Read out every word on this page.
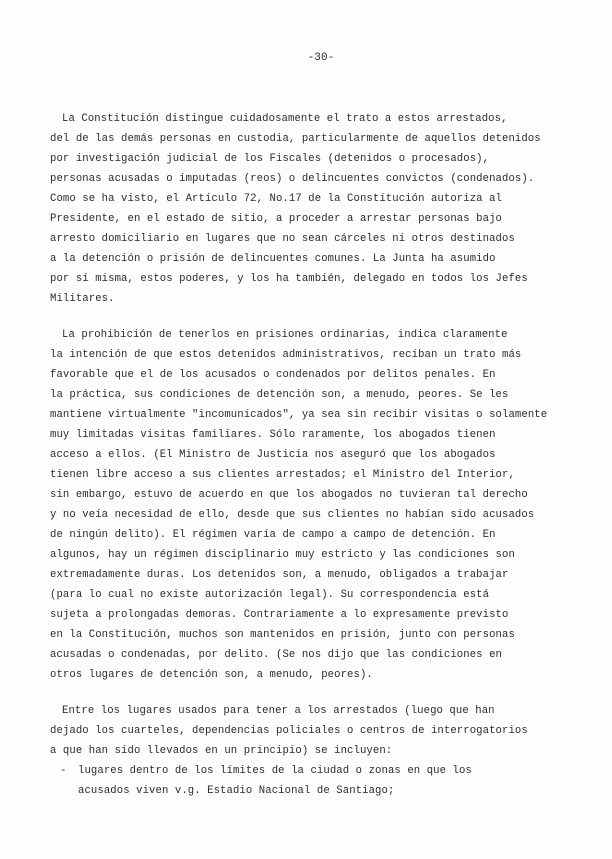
-30-
La Constitución distingue cuidadosamente el trato a estos arrestados,
del de las demás personas en custodia, particularmente de aquellos detenidos
por investigación judicial de los Fiscales (detenidos o procesados),
personas acusadas o imputadas (reos) o delincuentes convictos (condenados).
Como se ha visto, el Artículo 72, No.17 de la Constitución autoriza al
Presidente, en el estado de sitio, a proceder a arrestar personas bajo
arresto domiciliario en lugares que no sean cárceles ni otros destinados
a la detención o prisión de delincuentes comunes. La Junta ha asumido
por sí misma, estos poderes, y los ha también, delegado en todos los Jefes
Militares.
La prohibición de tenerlos en prisiones ordinarias, indica claramente
la intención de que estos detenidos administrativos, reciban un trato más
favorable que el de los acusados o condenados por delitos penales. En
la práctica, sus condiciones de detención son, a menudo, peores. Se les
mantiene virtualmente "incomunicados", ya sea sin recibir visitas o solamente
muy limitadas visitas familiares. Sólo raramente, los abogados tienen
acceso a ellos. (El Ministro de Justicia nos aseguró que los abogados
tienen libre acceso a sus clientes arrestados; el Ministro del Interior,
sin embargo, estuvo de acuerdo en que los abogados no tuvieran tal derecho
y no veía necesidad de ello, desde que sus clientes no habían sido acusados
de ningún delito). El régimen varía de campo a campo de detención. En
algunos, hay un régimen disciplinario muy estricto y las condiciones son
extremadamente duras. Los detenidos son, a menudo, obligados a trabajar
(para lo cual no existe autorización legal). Su correspondencia está
sujeta a prolongadas demoras. Contrariamente a lo expresamente previsto
en la Constitución, muchos son mantenidos en prisión, junto con personas
acusadas o condenadas, por delito. (Se nos dijo que las condiciones en
otros lugares de detención son, a menudo, peores).
Entre los lugares usados para tener a los arrestados (luego que han
dejado los cuarteles, dependencias policiales o centros de interrogatorios
a que han sido llevados en un principio) se incluyen:
- lugares dentro de los límites de la ciudad o zonas en que los
acusados viven v.g. Estadio Nacional de Santiago;
